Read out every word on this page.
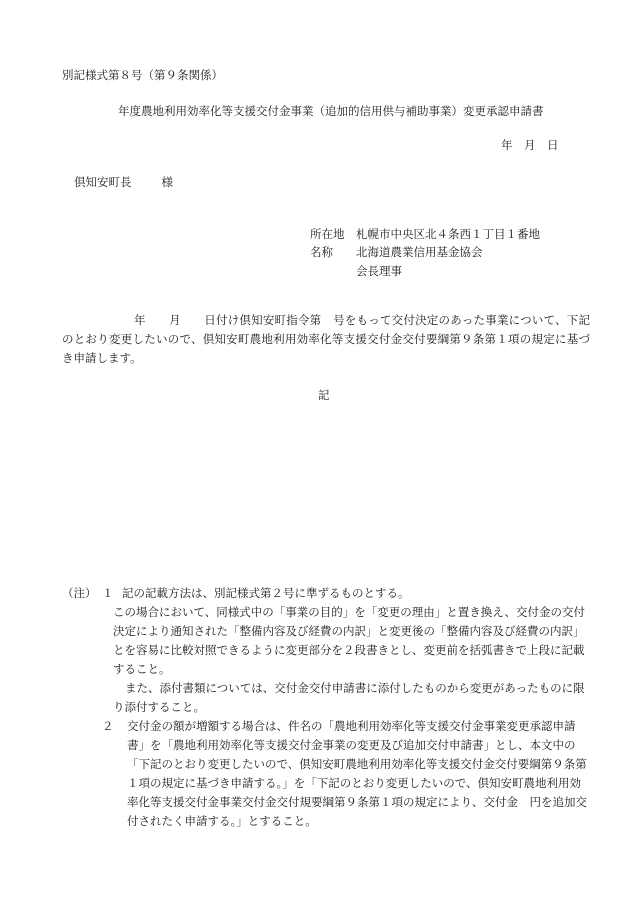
別記様式第８号（第９条関係）
年度農地利用効率化等支援交付金事業（追加的信用供与補助事業）変更承認申請書
年　月　日
倶知安町長	様
所在地	札幌市中央区北４条西１丁目１番地
名称	北海道農業信用基金協会
会長理事
年　　月　　日付け倶知安町指令第　号をもって交付決定のあった事業について、下記のとおり変更したいので、倶知安町農地利用効率化等支援交付金交付要綱第９条第１項の規定に基づき申請します。
記
（注） １ 記の記載方法は、別記様式第２号に準ずるものとする。

この場合において、同様式中の「事業の目的」を「変更の理由」と置き換え、交付金の交付決定により通知された「整備内容及び経費の内訳」と変更後の「整備内容及び経費の内訳」とを容易に比較対照できるように変更部分を２段書きとし、変更前を括弧書きで上段に記載すること。

また、添付書類については、交付金交付申請書に添付したものから変更があったものに限り添付すること。

２	交付金の額が増額する場合は、件名の「農地利用効率化等支援交付金事業変更承認申請書」を「農地利用効率化等支援交付金事業の変更及び追加交付申請書」とし、本文中の「下記のとおり変更したいので、倶知安町農地利用効率化等支援交付金交付要綱第９条第１項の規定に基づき申請する。」を「下記のとおり変更したいので、倶知安町農地利用効率化等支援交付金事業交付金交付規要綱第９条第１項の規定により、交付金　円を追加交付されたく申請する。」とすること。
